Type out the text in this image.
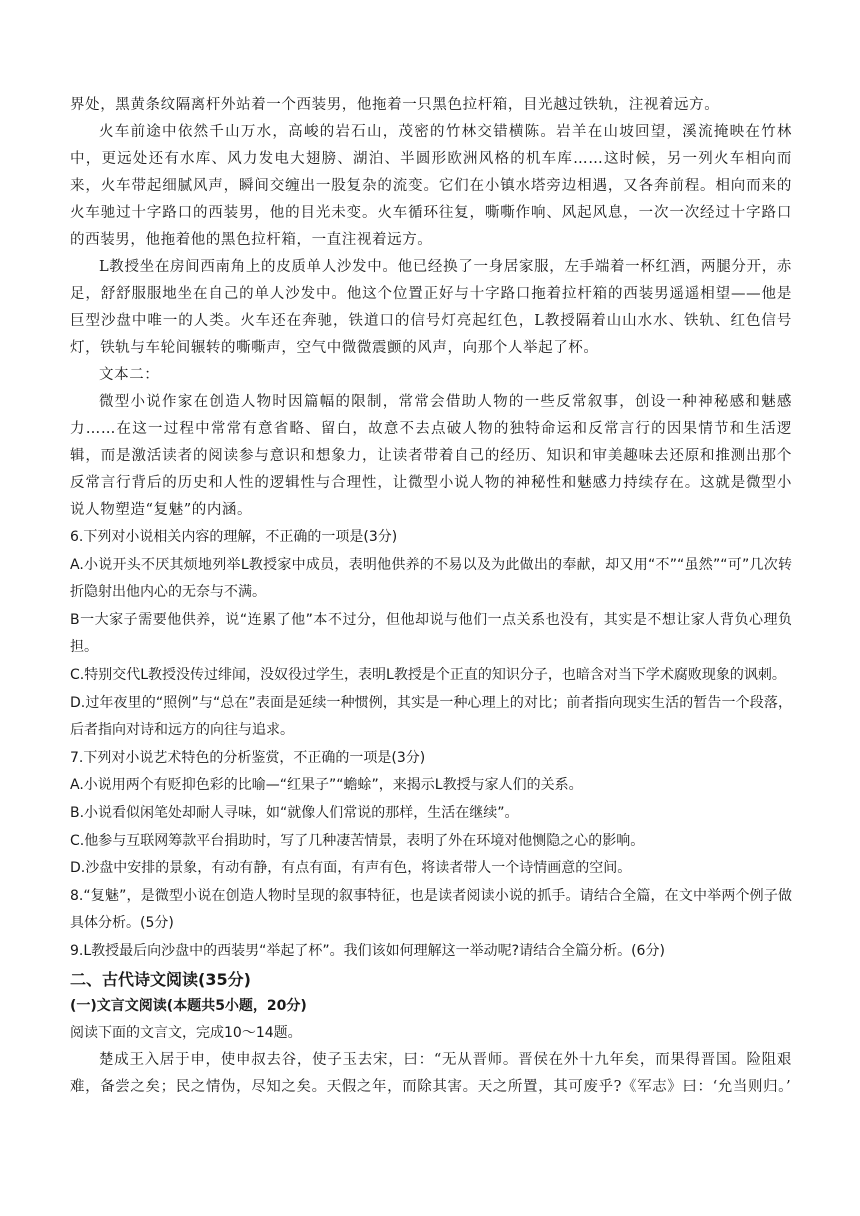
界处，黑黄条纹隔离杆外站着一个西装男，他拖着一只黑色拉杆箱，目光越过铁轨，注视着远方。

火车前途中依然千山万水，高峻的岩石山，茂密的竹林交错横陈。岩羊在山坡回望，溪流掩映在竹林中，更远处还有水库、风力发电大翅膀、湖泊、半圆形欧洲风格的机车库……这时候，另一列火车相向而来，火车带起细腻风声，瞬间交缠出一股复杂的流变。它们在小镇水塔旁边相遇，又各奔前程。相向而来的火车驰过十字路口的西装男，他的目光未变。火车循环往复，嘶嘶作响、风起风息，一次一次经过十字路口的西装男，他拖着他的黑色拉杆箱，一直注视着远方。

L教授坐在房间西南角上的皮质单人沙发中。他已经换了一身居家服，左手端着一杯红酒，两腿分开，赤足，舒舒服服地坐在自己的单人沙发中。他这个位置正好与十字路口拖着拉杆箱的西装男遥遥相望——他是巨型沙盘中唯一的人类。火车还在奔驰，铁道口的信号灯亮起红色，L教授隔着山山水水、铁轨、红色信号灯，铁轨与车轮间辗转的嘶嘶声，空气中微微震颤的风声，向那个人举起了杯。

文本二：

微型小说作家在创造人物时因篇幅的限制，常常会借助人物的一些反常叙事，创设一种神秘感和魅感力……在这一过程中常常有意省略、留白，故意不去点破人物的独特命运和反常言行的因果情节和生活逻辑，而是激活读者的阅读参与意识和想象力，让读者带着自己的经历、知识和审美趣味去还原和推测出那个反常言行背后的历史和人性的逻辑性与合理性，让微型小说人物的神秘性和魅感力持续存在。这就是微型小说人物塑造“复魅”的内涵。

6.下列对小说相关内容的理解，不正确的一项是(3分)

A.小说开头不厌其烦地列举L教授家中成员，表明他供养的不易以及为此做出的奉献，却又用“不”“虽然”“可”几次转折隐射出他内心的无奈与不满。

B一大家子需要他供养，说“连累了他”本不过分，但他却说与他们一点关系也没有，其实是不想让家人背负心理负担。

C.特别交代L教授没传过绯闻，没奴役过学生，表明L教授是个正直的知识分子，也暗含对当下学术腐败现象的讽刺。

D.过年夜里的“照例”与“总在”表面是延续一种惯例，其实是一种心理上的对比；前者指向现实生活的暂告一个段落，后者指向对诗和远方的向往与追求。

7.下列对小说艺术特色的分析鉴赏，不正确的一项是(3分)

A.小说用两个有贬抑色彩的比喻—“红果子”“蟾蜍”，来揭示L教授与家人们的关系。

B.小说看似闲笔处却耐人寻味，如“就像人们常说的那样，生活在继续”。

C.他参与互联网筹款平台捐助时，写了几种凄苦情景，表明了外在环境对他恻隐之心的影响。

D.沙盘中安排的景象，有动有静，有点有面，有声有色，将读者带人一个诗情画意的空间。

8.“复魅”，是微型小说在创造人物时呈现的叙事特征，也是读者阅读小说的抓手。请结合全篇，在文中举两个例子做具体分析。(5分)

9.L教授最后向沙盘中的西装男“举起了杯”。我们该如何理解这一举动呢?请结合全篇分析。(6分)

二、古代诗文阅读(35分)

(一)文言文阅读(本题共5小题，20分)

阅读下面的文言文，完成10～14题。

楚成王入居于申，使申叔去谷，使子玉去宋，曰：“无从晋师。晋侯在外十九年矣，而果得晋国。险阻艰难，备尝之矣；民之情伪，尽知之矣。天假之年，而除其害。天之所置，其可废乎?《军志》曰：‘允当则归。’
